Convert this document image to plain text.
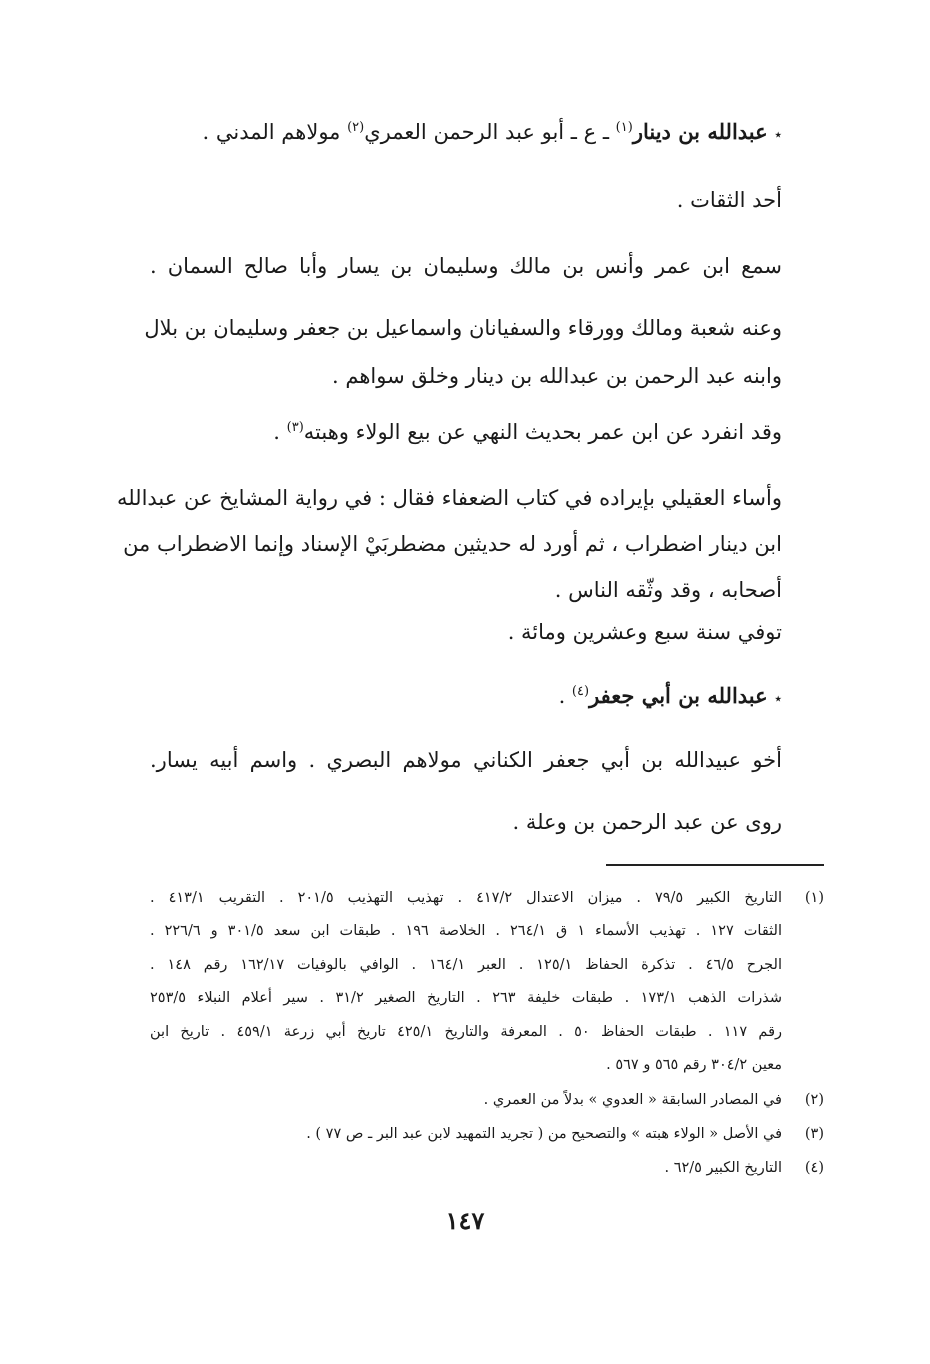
٭ عبدالله بن دينار$^{(١)}$ ـ ع ـ أبو عبد الرحمن العمري$^{(٢)}$ مولاهم المدني .
أحد الثقات .
سمع ابن عمر وأنس بن مالك وسليمان بن يسار وأبا صالح السمان .
وعنه شعبة ومالك وورقاء والسفيانان واسماعيل بن جعفر وسليمان بن بلال
وابنه عبد الرحمن بن عبدالله بن دينار وخلق سواهم .
وقد انفرد عن ابن عمر بحديث النهي عن بيع الولاء وهبته$^{(٣)}$ .
وأساء العقيلي بإيراده في كتاب الضعفاء فقال : في رواية المشايخ عن عبدالله
ابن دينار اضطراب ، ثم أورد له حديثين مضطربَيْ الإسناد وإنما الاضطراب من
أصحابه ، وقد وثّقه الناس .
توفي سنة سبع وعشرين ومائة .
٭ عبدالله بن أبي جعفر$^{(٤)}$ .
أخو عبيدالله بن أبي جعفر الكناني مولاهم البصري . واسم أبيه يسار.
روى عن عبد الرحمن بن وعلة .
(١)
التاريخ الكبير ٧٩/٥ . ميزان الاعتدال ٤١٧/٢ . تهذيب التهذيب ٢٠١/٥ . التقريب ٤١٣/١ .
الثقات ١٢٧ . تهذيب الأسماء ١ ق ٢٦٤/١ . الخلاصة ١٩٦ . طبقات ابن سعد ٣٠١/٥ و ٢٢٦/٦ .
الجرح ٤٦/٥ . تذكرة الحفاظ ١٢٥/١ . العبر ١٦٤/١ . الوافي بالوفيات ١٦٢/١٧ رقم ١٤٨ .
شذرات الذهب ١٧٣/١ . طبقات خليفة ٢٦٣ . التاريخ الصغير ٣١/٢ . سير أعلام النبلاء ٢٥٣/٥
رقم ١١٧ . طبقات الحفاظ ٥٠ . المعرفة والتاريخ ٤٢٥/١ تاريخ أبي زرعة ٤٥٩/١ . تاريخ ابن
معين ٣٠٤/٢ رقم ٥٦٥ و ٥٦٧ .
(٢)
في المصادر السابقة « العدوي » بدلاً من العمري .
(٣)
في الأصل « الولاء هبته » والتصحيح من ( تجريد التمهيد لابن عبد البر ـ ص ٧٧ ) .
(٤)
التاريخ الكبير ٦٢/٥ .
١٤٧
